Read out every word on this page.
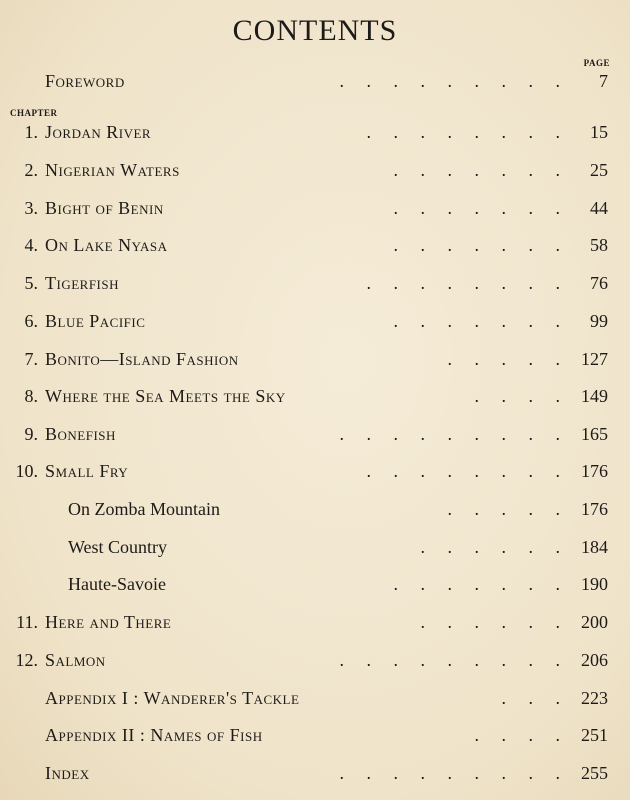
CONTENTS
PAGE
CHAPTER
Foreword	.     .     .     .     .     .     .     .     . 7
1. Jordan River	.     .     .     .     .     .     .     . 15
2. Nigerian Waters	.     .     .     .     .     .     . 25
3. Bight of Benin	.     .     .     .     .     .     . 44
4. On Lake Nyasa	.     .     .     .     .     .     . 58
5. Tigerfish	.     .     .     .     .     .     .     . 76
6. Blue Pacific	.     .     .     .     .     .     . 99
7. Bonito—Island Fashion	.     .     .     .     . 127
8. Where the Sea Meets the Sky	.     .     .     . 149
9. Bonefish	.     .     .     .     .     .     .     .     . 165
10. Small Fry	.     .     .     .     .     .     .     . 176
On Zomba Mountain	.     .     .     .     . 176
West Country	.     .     .     .     .     . 184
Haute-Savoie	.     .     .     .     .     .     . 190
11. Here and There	.     .     .     .     .     . 200
12. Salmon	.     .     .     .     .     .     .     .     . 206
Appendix I : Wanderer's Tackle	.     .     . 223
Appendix II : Names of Fish	.     .     .     . 251
Index	.     .     .     .     .     .     .     .     . 255
